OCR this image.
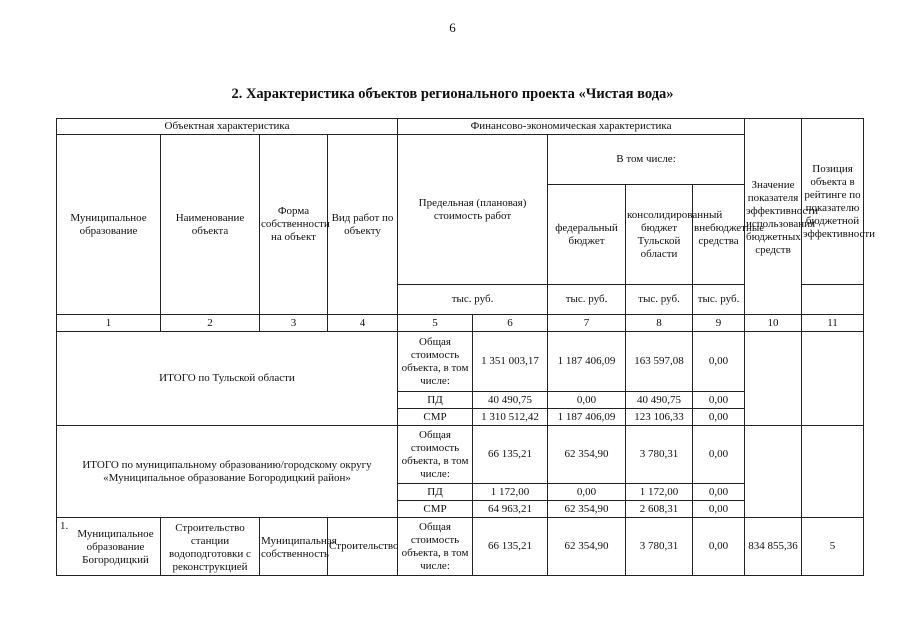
6
2. Характеристика объектов регионального проекта «Чистая вода»
Объектная характеристика				Финансово-экономическая характеристика					Значение показателя эффективности использования бюджетных средств	Позиция объекта в рейтинге по показателю бюджетной эффективности
Муниципальное образование	Наименование объекта	Форма собственности на объект	Вид работ по объекту	Предельная (плановая) стоимость работ		В том числе:				
						федеральный бюджет	консолидированный бюджет Тульской области	внебюджетные средства		
				тыс. руб.		тыс. руб.	тыс. руб.	тыс. руб.		
1	2	3	4	5	6	7	8	9	10	11
ИТОГО по Тульской области				Общая стоимость объекта, в том числе:	1 351 003,17	1 187 406,09	163 597,08	0,00		
				ПД	40 490,75	0,00	40 490,75	0,00		
				СМР	1 310 512,42	1 187 406,09	123 106,33	0,00		
ИТОГО по муниципальному образованию/городскому округу «Муниципальное образование Богородицкий район»				Общая стоимость объекта, в том числе:	66 135,21	62 354,90	3 780,31	0,00		
				ПД	1 172,00	0,00	1 172,00	0,00		
				СМР	64 963,21	62 354,90	2 608,31	0,00		

1.
Муниципальное образование Богородицкий	Строительство станции водоподготовки с реконструкцией	Муниципальная собственность	Строительство	Общая стоимость объекта, в том числе:	66 135,21	62 354,90	3 780,31	0,00	834 855,36	5
